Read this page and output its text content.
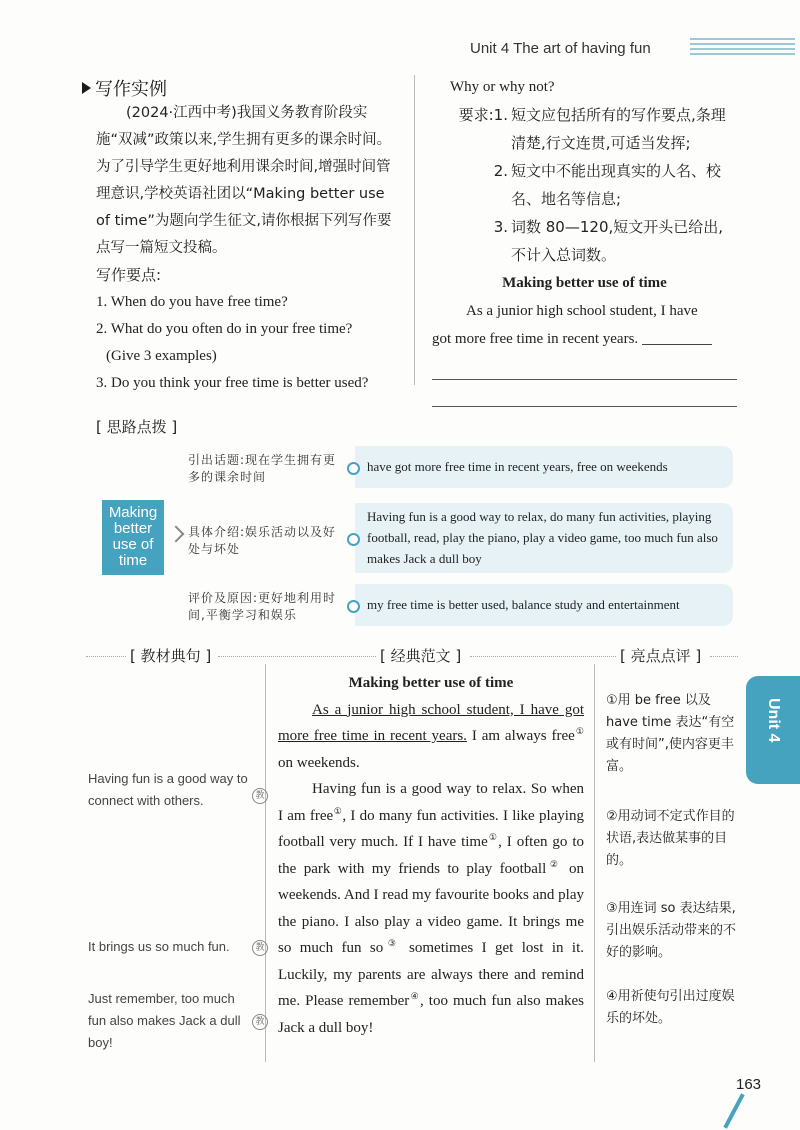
Unit 4 The art of having fun
写作实例

(2024·江西中考)我国义务教育阶段实施“双减”政策以来,学生拥有更多的课余时间。为了引导学生更好地利用课余时间,增强时间管理意识,学校英语社团以“Making better use of time”为题向学生征文,请你根据下列写作要点写一篇短文投稿。

写作要点:

1. When do you have free time?
2. What do you often do in your free time?
(Give 3 examples)
3. Do you think your free time is better used?

Why or why not?

要求:1. 短文应包括所有的写作要点,条理清楚,行文连贯,可适当发挥;
2. 短文中不能出现真实的人名、校名、地名等信息;
3. 词数 80—120,短文开头已给出,不计入总词数。

Making better use of time

As a junior high school student, I have

got more free time in recent years.

[ 思路点拨 ]
Making better use of time
引出话题:现在学生拥有更多的课余时间
have got more free time in recent years, free on weekends
具体介绍:娱乐活动以及好处与坏处
Having fun is a good way to relax, do many fun activities, playing football, read, play the piano, play a video game, too much fun also makes Jack a dull boy
评价及原因:更好地利用时间,平衡学习和娱乐
my free time is better used, balance study and entertainment
[ 教材典句 ]	[ 经典范文 ]	[ 亮点点评 ]
Having fun is a good way to connect with others.	教
It brings us so much fun.	教
Just remember, too much fun also makes Jack a dull boy!
教

Making better use of time

As a junior high school student, I have got more free time in recent years. I am always free① on weekends.

Having fun is a good way to relax. So when I am free①, I do many fun activities. I like playing football very much. If I have time①, I often go to the park with my friends to play football② on weekends. And I read my favourite books and play the piano. I also play a video game. It brings me so much fun so③ sometimes I get lost in it. Luckily, my parents are always there and remind me. Please remember④, too much fun also makes Jack a dull boy!

①用 be free 以及 have time 表达“有空或有时间”,使内容更丰富。
②用动词不定式作目的状语,表达做某事的目的。
③用连词 so 表达结果,引出娱乐活动带来的不好的影响。
④用祈使句引出过度娱乐的坏处。
Unit 4
163
